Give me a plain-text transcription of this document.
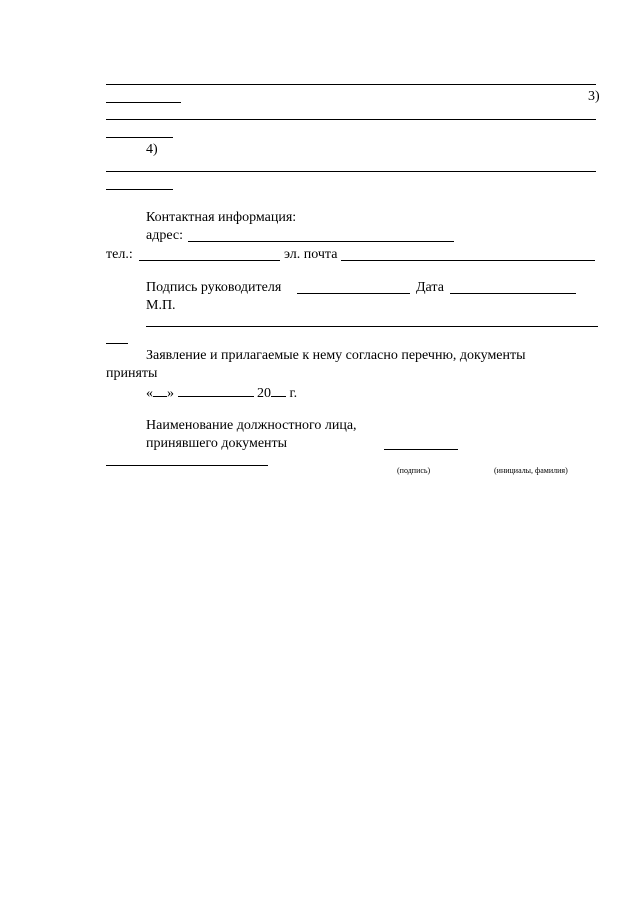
3)
4)
Контактная информация:
адрес:
тел.:	эл. почта
Подпись руководителя	Дата
М.П.
Заявление и прилагаемые к нему согласно перечню, документы
приняты
« »	20 г.
Наименование должностного лица,
принявшего документы
(подпись)	(инициалы, фамилия)
